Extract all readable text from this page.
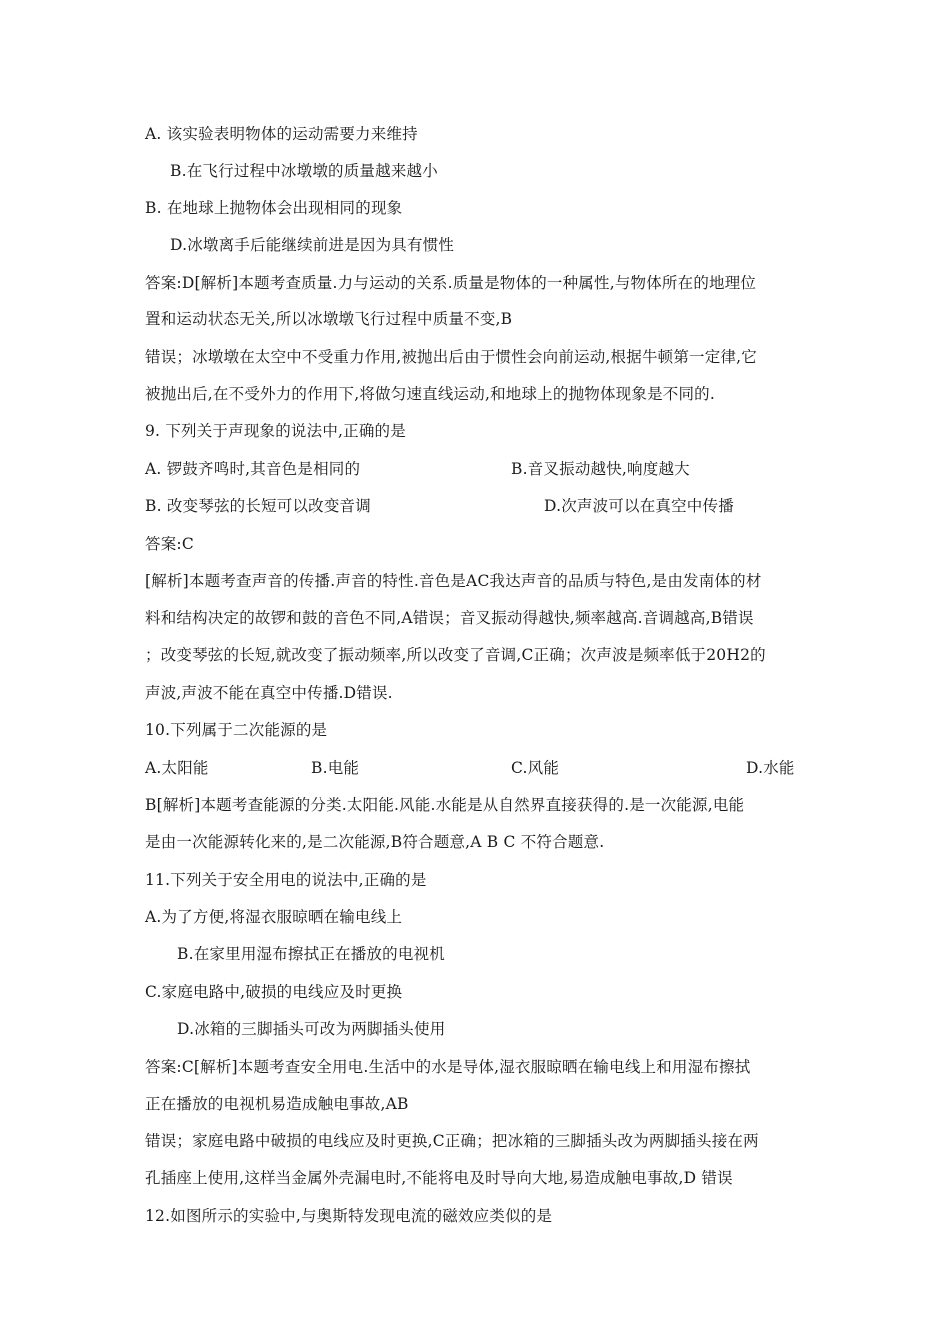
A. 该实验表明物体的运动需要力来维持
B.在飞行过程中冰墩墩的质量越来越小
B. 在地球上抛物体会出现相同的现象
D.冰墩离手后能继续前进是因为具有惯性
答案:D[解析]本题考查质量.力与运动的关系.质量是物体的一种属性,与物体所在的地理位
置和运动状态无关,所以冰墩墩飞行过程中质量不变,B
错误；冰墩墩在太空中不受重力作用,被抛出后由于惯性会向前运动,根据牛顿第一定律,它
被抛出后,在不受外力的作用下,将做匀速直线运动,和地球上的抛物体现象是不同的.
9. 下列关于声现象的说法中,正确的是
A. 锣鼓齐鸣时,其音色是相同的	B.音叉振动越快,响度越大
B. 改变琴弦的长短可以改变音调	D.次声波可以在真空中传播
答案:C
[解析]本题考查声音的传播.声音的特性.音色是AC我达声音的品质与特色,是由发南体的材
料和结构决定的故锣和鼓的音色不同,A错误；音叉振动得越快,频率越高.音调越高,B错误
；改变琴弦的长短,就改变了振动频率,所以改变了音调,C正确；次声波是频率低于20H2的
声波,声波不能在真空中传播.D错误.
10.下列属于二次能源的是
A.太阳能	B.电能	C.风能	D.水能
B[解析]本题考查能源的分类.太阳能.风能.水能是从自然界直接获得的.是一次能源,电能
是由一次能源转化来的,是二次能源,B符合题意,A B C 不符合题意.
11.下列关于安全用电的说法中,正确的是
A.为了方便,将湿衣服晾晒在输电线上
B.在家里用湿布擦拭正在播放的电视机
C.家庭电路中,破损的电线应及时更换
D.冰箱的三脚插头可改为两脚插头使用
答案:C[解析]本题考查安全用电.生活中的水是导体,湿衣服晾晒在输电线上和用湿布擦拭
正在播放的电视机易造成触电事故,AB
错误；家庭电路中破损的电线应及时更换,C正确；把冰箱的三脚插头改为两脚插头接在两
孔插座上使用,这样当金属外壳漏电时,不能将电及时导向大地,易造成触电事故,D 错误
12.如图所示的实验中,与奥斯特发现电流的磁效应类似的是
